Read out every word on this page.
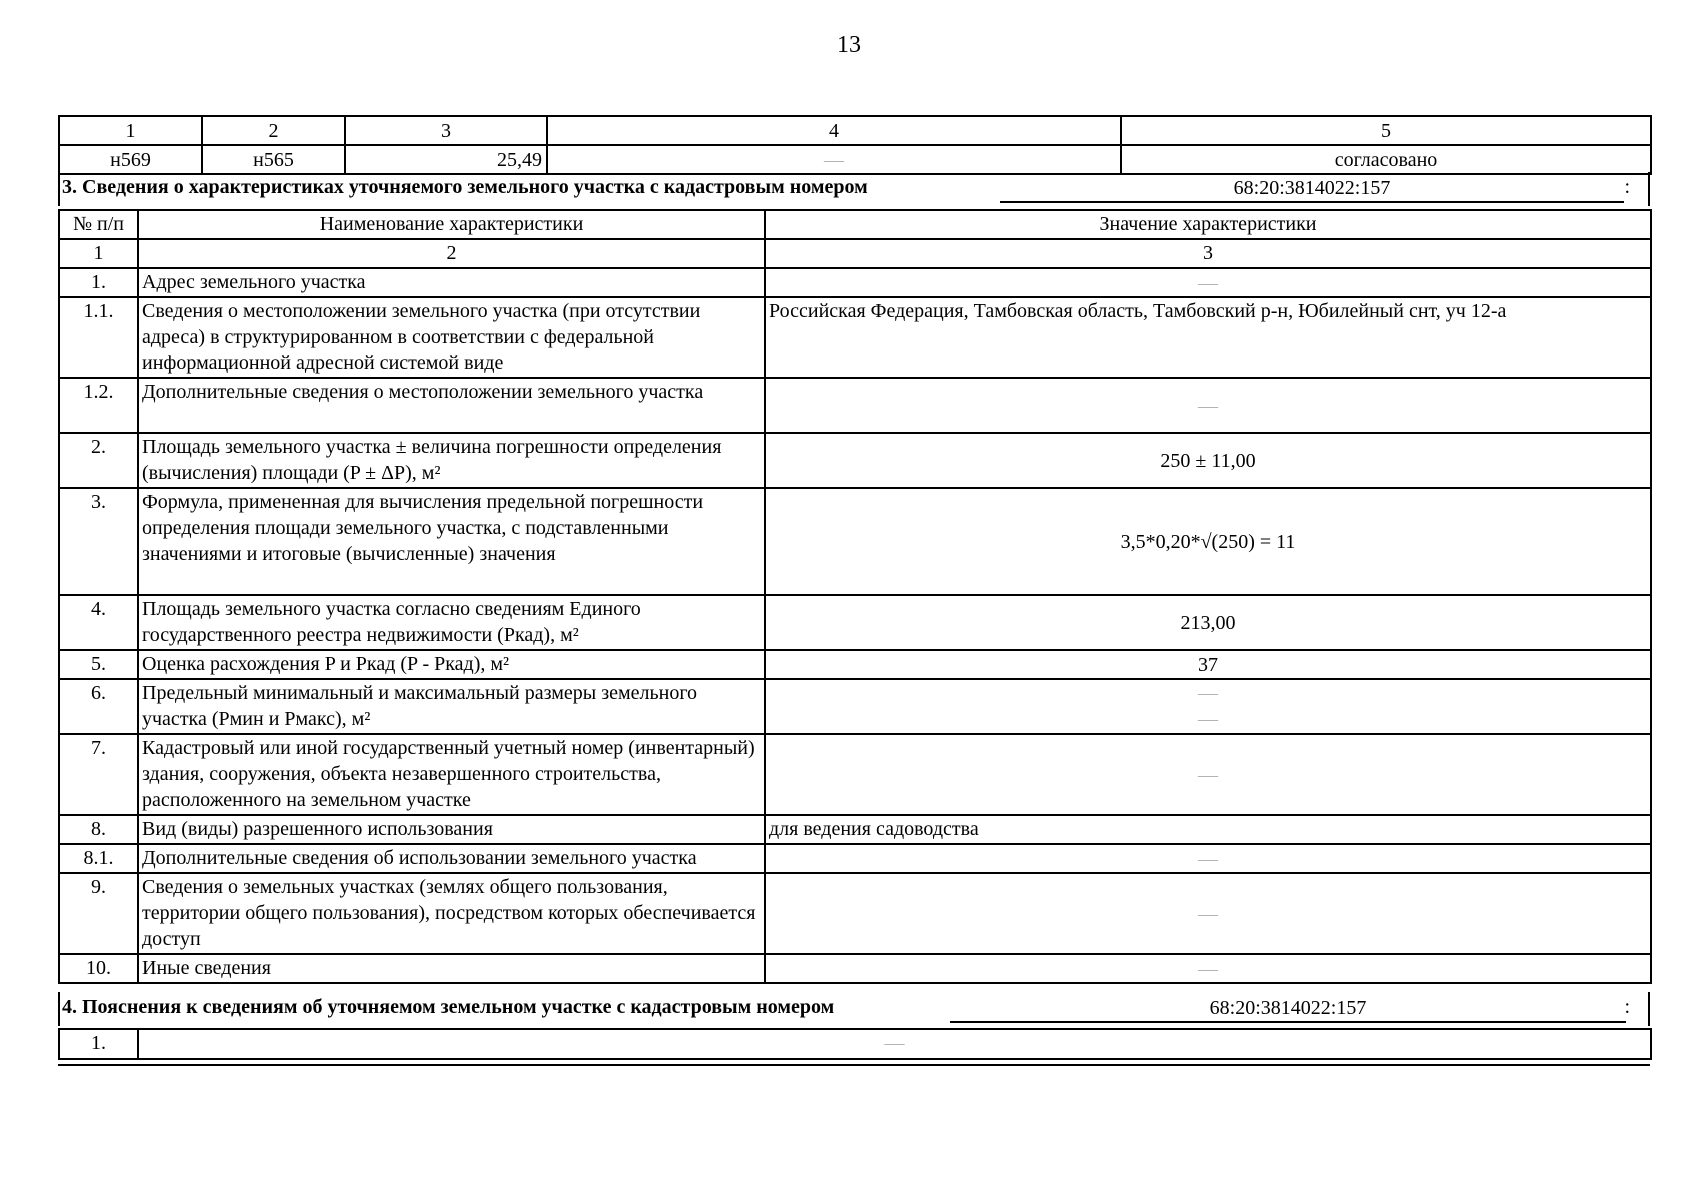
13
1	2	3	4	5
н569	н565	25,49	—	согласовано
3. Сведения о характеристиках уточняемого земельного участка с кадастровым номером	68:20:3814022:157	:
№ п/п	Наименование характеристики	Значение характеристики
1	2	3
1.	Адрес земельного участка	—
1.1.	Сведения о местоположении земельного участка (при отсутствии адреса) в структурированном в соответствии с федеральной информационной адресной системой виде	Российская Федерация, Тамбовская область, Тамбовский р-н, Юбилейный снт, уч 12-а
1.2.	Дополнительные сведения о местоположении земельного участка	—
2.	Площадь земельного участка ± величина погрешности определения (вычисления) площади (P ± ΔP), м²	250 ± 11,00
3.	Формула, примененная для вычисления предельной погрешности определения площади земельного участка, с подставленными значениями и итоговые (вычисленные) значения	3,5*0,20*√(250) = 11
4.	Площадь земельного участка согласно сведениям Единого государственного реестра недвижимости (Ркад), м²	213,00
5.	Оценка расхождения P и Ркад (P - Ркад), м²	37
6.	Предельный минимальный и максимальный размеры земельного участка (Рмин и Рмакс), м²	—
—

7.	Кадастровый или иной государственный учетный номер (инвентарный) здания, сооружения, объекта незавершенного строительства, расположенного на земельном участке	—
8.	Вид (виды) разрешенного использования	для ведения садоводства
8.1.	Дополнительные сведения об использовании земельного участка	—
9.	Сведения о земельных участках (землях общего пользования, территории общего пользования), посредством которых обеспечивается доступ	—
10.	Иные сведения	—
4. Пояснения к сведениям об уточняемом земельном участке с кадастровым номером	68:20:3814022:157	:
1.	—
